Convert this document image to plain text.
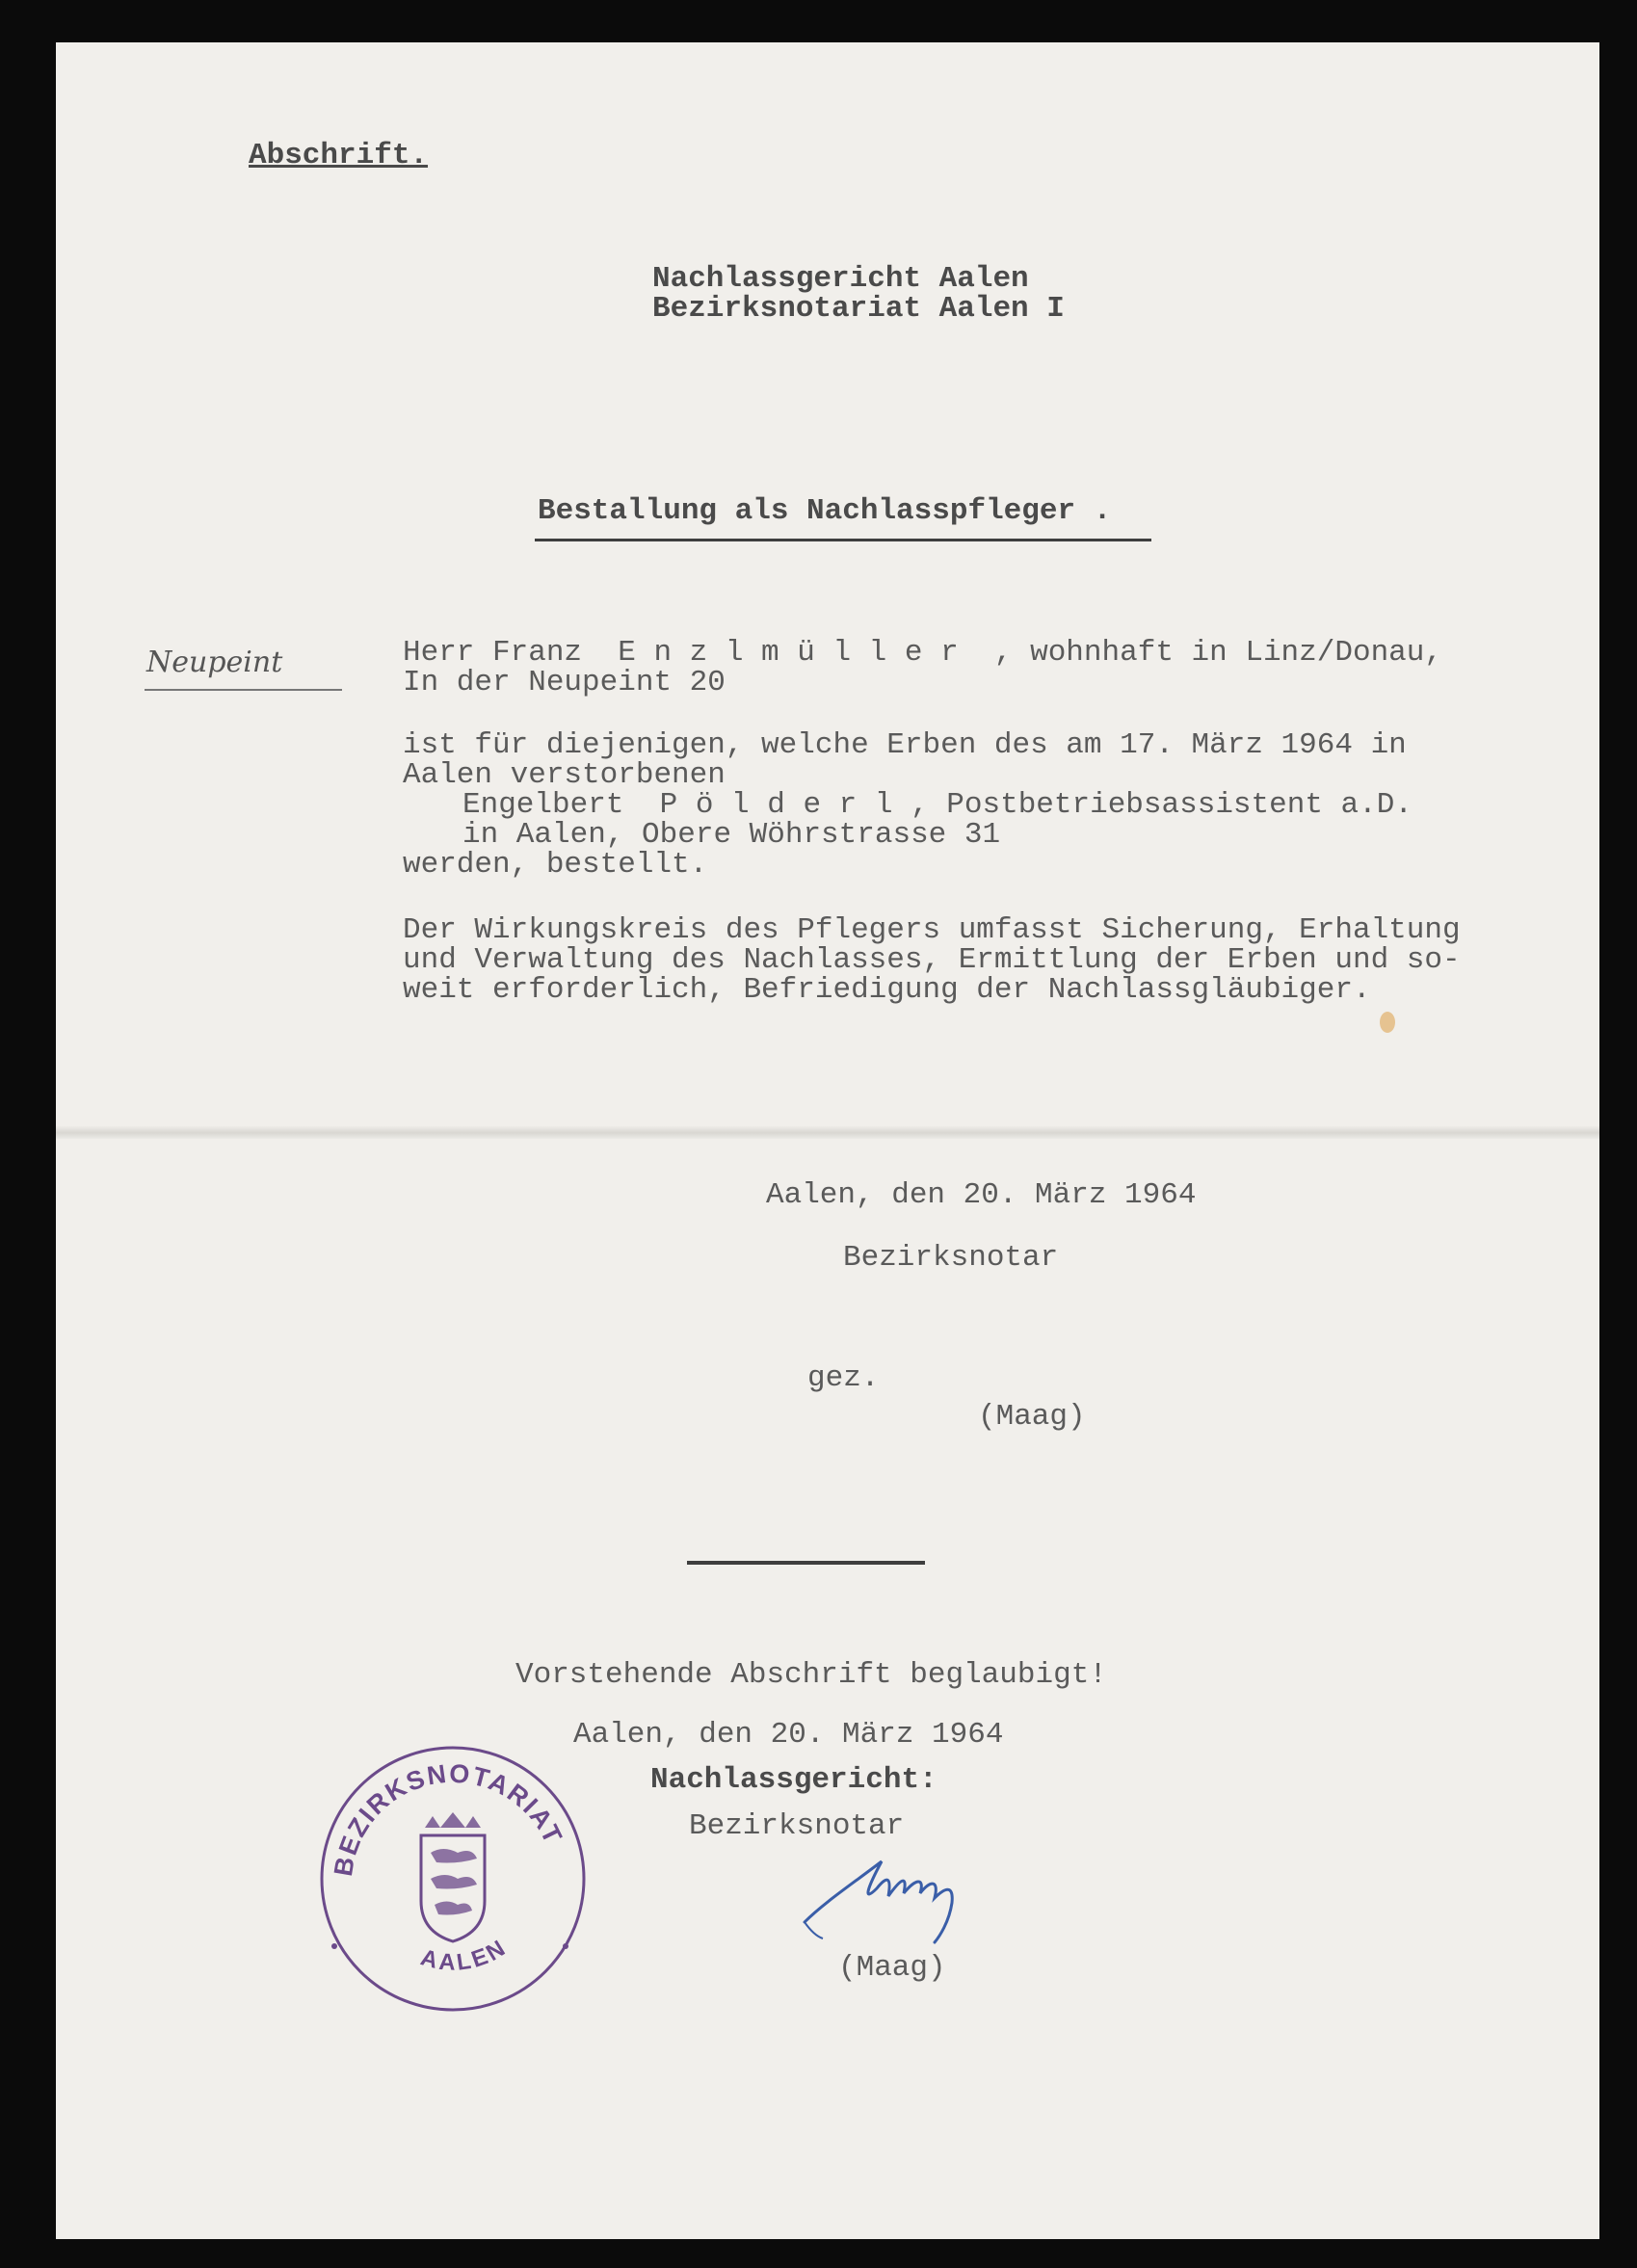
Abschrift.
Nachlassgericht Aalen
Bezirksnotariat Aalen I
Bestallung als Nachlasspfleger .
Neupeint	Herr Franz  E n z l m ü l l e r  , wohnhaft in Linz/Donau,
In der Neupeint 20
ist für diejenigen, welche Erben des am 17. März 1964 in
Aalen verstorbenen
Engelbert  P ö l d e r l , Postbetriebsassistent a.D.
in Aalen, Obere Wöhrstrasse 31
werden, bestellt.
Der Wirkungskreis des Pflegers umfasst Sicherung, Erhaltung
und Verwaltung des Nachlasses, Ermittlung der Erben und so-
weit erforderlich, Befriedigung der Nachlassgläubiger.
Aalen, den 20. März 1964
Bezirksnotar
gez.
(Maag)
Vorstehende Abschrift beglaubigt!
Aalen, den 20. März 1964
Nachlassgericht:
Bezirksnotar
(Maag)
BEZIRKSNOTARIAT
AALEN
